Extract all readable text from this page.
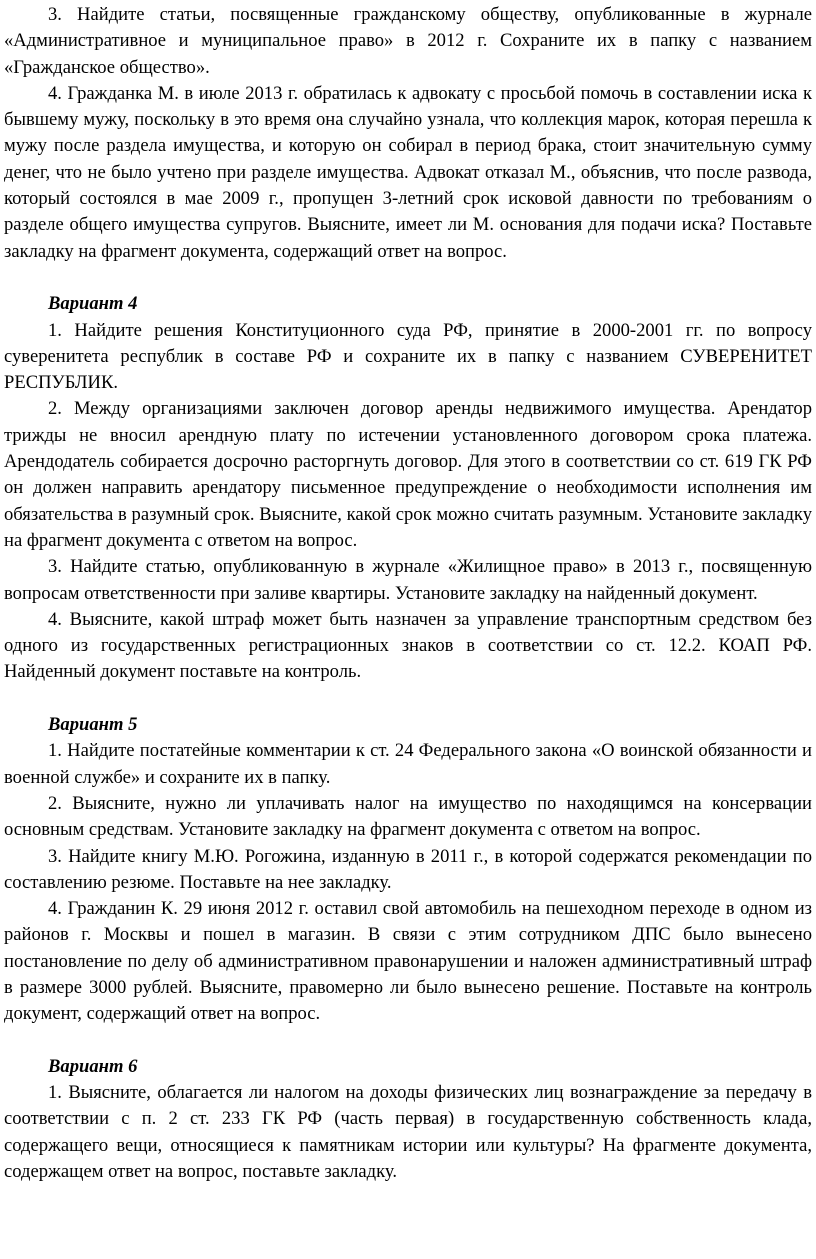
3. Найдите статьи, посвященные гражданскому обществу, опубликованные в журнале «Административное и муниципальное право» в 2012 г. Сохраните их в папку с названием «Гражданское общество».

4. Гражданка М. в июле 2013 г. обратилась к адвокату с просьбой помочь в составлении иска к бывшему мужу, поскольку в это время она случайно узнала, что коллекция марок, которая перешла к мужу после раздела имущества, и которую он собирал в период брака, стоит значительную сумму денег, что не было учтено при разделе имущества. Адвокат отказал М., объяснив, что после развода, который состоялся в мае 2009 г., пропущен 3-летний срок исковой давности по требованиям о разделе общего имущества супругов. Выясните, имеет ли М. основания для подачи иска? Поставьте закладку на фрагмент документа, содержащий ответ на вопрос.

Вариант 4

1. Найдите решения Конституционного суда РФ, принятие в 2000-2001 гг. по вопросу суверенитета республик в составе РФ и сохраните их в папку с названием СУВЕРЕНИТЕТ РЕСПУБЛИК.

2. Между организациями заключен договор аренды недвижимого имущества. Арендатор трижды не вносил арендную плату по истечении установленного договором срока платежа. Арендодатель собирается досрочно расторгнуть договор. Для этого в соответствии со ст. 619 ГК РФ он должен направить арендатору письменное предупреждение о необходимости исполнения им обязательства в разумный срок. Выясните, какой срок можно считать разумным. Установите закладку на фрагмент документа с ответом на вопрос.

3. Найдите статью, опубликованную в журнале «Жилищное право» в 2013 г., посвященную вопросам ответственности при заливе квартиры. Установите закладку на найденный документ.

4. Выясните, какой штраф может быть назначен за управление транспортным средством без одного из государственных регистрационных знаков в соответствии со ст. 12.2. КОАП РФ. Найденный документ поставьте на контроль.

Вариант 5

1. Найдите постатейные комментарии к ст. 24 Федерального закона «О воинской обязанности и военной службе» и сохраните их в папку.

2. Выясните, нужно ли уплачивать налог на имущество по находящимся на консервации основным средствам. Установите закладку на фрагмент документа с ответом на вопрос.

3. Найдите книгу М.Ю. Рогожина, изданную в 2011 г., в которой содержатся рекомендации по составлению резюме. Поставьте на нее закладку.

4. Гражданин К. 29 июня 2012 г. оставил свой автомобиль на пешеходном переходе в одном из районов г. Москвы и пошел в магазин. В связи с этим сотрудником ДПС было вынесено постановление по делу об административном правонарушении и наложен административный штраф в размере 3000 рублей. Выясните, правомерно ли было вынесено решение. Поставьте на контроль документ, содержащий ответ на вопрос.

Вариант 6

1. Выясните, облагается ли налогом на доходы физических лиц вознаграждение за передачу в соответствии с п. 2 ст. 233 ГК РФ (часть первая) в государственную собственность клада, содержащего вещи, относящиеся к памятникам истории или культуры? На фрагменте документа, содержащем ответ на вопрос, поставьте закладку.
